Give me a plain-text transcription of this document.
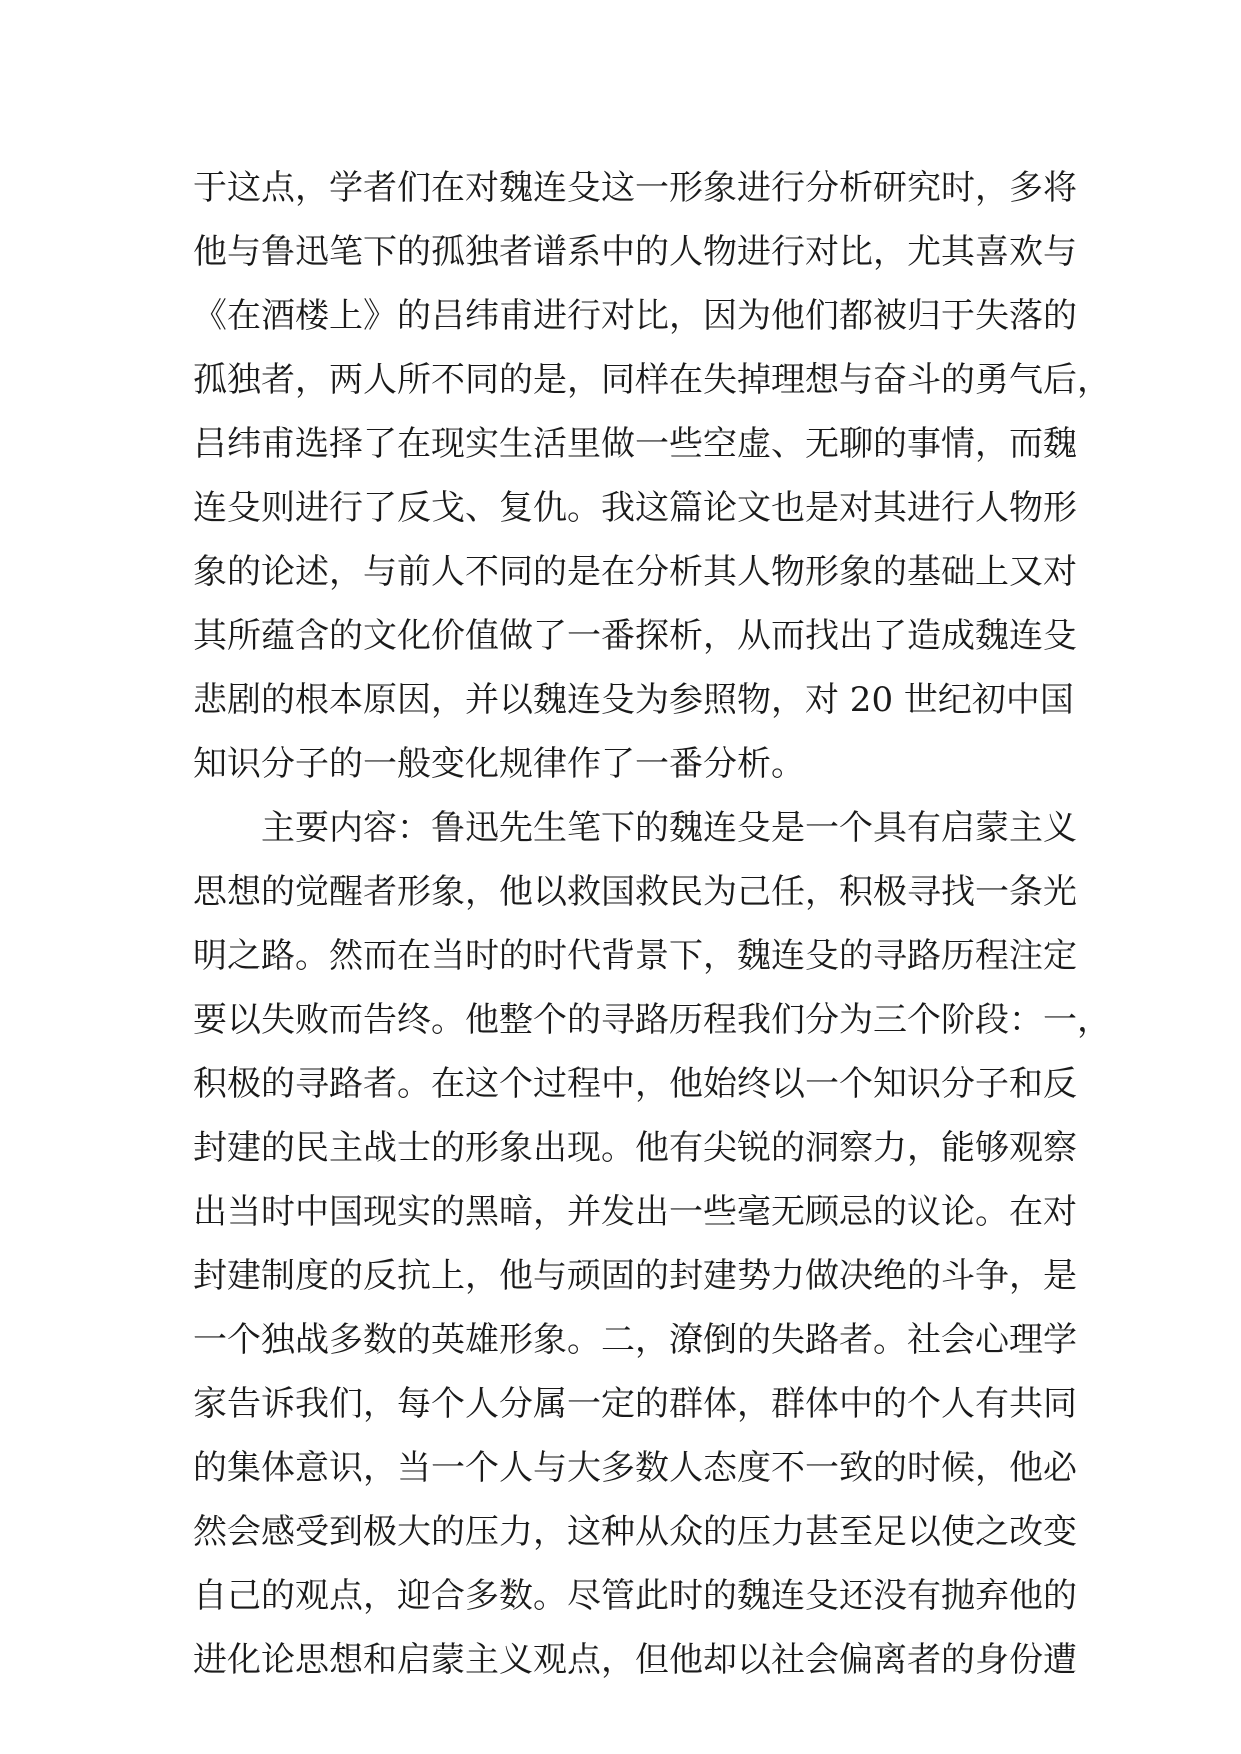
于这点，学者们在对魏连殳这一形象进行分析研究时，多将
他与鲁迅笔下的孤独者谱系中的人物进行对比，尤其喜欢与
《在酒楼上》的吕纬甫进行对比，因为他们都被归于失落的
孤独者，两人所不同的是，同样在失掉理想与奋斗的勇气后，
吕纬甫选择了在现实生活里做一些空虚、无聊的事情，而魏
连殳则进行了反戈、复仇。我这篇论文也是对其进行人物形
象的论述，与前人不同的是在分析其人物形象的基础上又对
其所蕴含的文化价值做了一番探析，从而找出了造成魏连殳
悲剧的根本原因，并以魏连殳为参照物，对 20 世纪初中国
知识分子的一般变化规律作了一番分析。
主要内容：鲁迅先生笔下的魏连殳是一个具有启蒙主义
思想的觉醒者形象，他以救国救民为己任，积极寻找一条光
明之路。然而在当时的时代背景下，魏连殳的寻路历程注定
要以失败而告终。他整个的寻路历程我们分为三个阶段：一，
积极的寻路者。在这个过程中，他始终以一个知识分子和反
封建的民主战士的形象出现。他有尖锐的洞察力，能够观察
出当时中国现实的黑暗，并发出一些毫无顾忌的议论。在对
封建制度的反抗上，他与顽固的封建势力做决绝的斗争，是
一个独战多数的英雄形象。二，潦倒的失路者。社会心理学
家告诉我们，每个人分属一定的群体，群体中的个人有共同
的集体意识，当一个人与大多数人态度不一致的时候，他必
然会感受到极大的压力，这种从众的压力甚至足以使之改变
自己的观点，迎合多数。尽管此时的魏连殳还没有抛弃他的
进化论思想和启蒙主义观点，但他却以社会偏离者的身份遭
